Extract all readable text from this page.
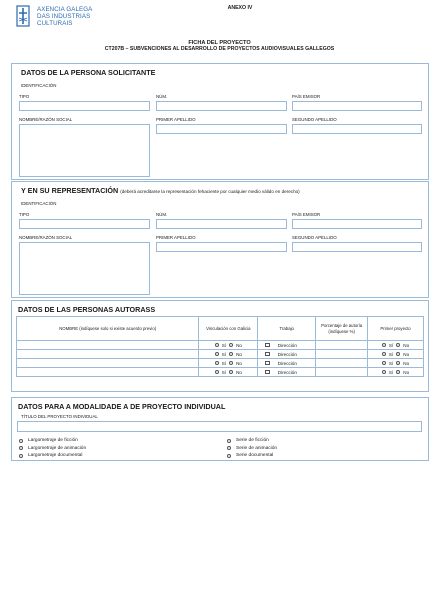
AXENCIA GALEGA
DAS INDUSTRIAS
CULTURAIS
ANEXO IV
FICHA DEL PROYECTO
CT207B – SUBVENCIONES AL DESARROLLO DE PROYECTOS AUDIOVISUALES GALLEGOS
DATOS DE LA PERSONA SOLICITANTE
IDENTIFICACIÓN
TIPO	NÚM.	PAÍS EMISOR
NOMBRE/RAZÓN SOCIAL	PRIMER APELLIDO	SEGUNDO APELLIDO
Y EN SU REPRESENTACIÓN (deberá acreditarse la representación fehaciente por cualquier medio válido en derecho)
IDENTIFICACIÓN
TIPO	NÚM.	PAÍS EMISOR
NOMBRE/RAZÓN SOCIAL	PRIMER APELLIDO	SEGUNDO APELLIDO
DATOS DE LAS PERSONAS AUTORASS
NOMBRE (indíquese solo si existe acuerdo previo)	Vinculación con Galicia	Trabajo	Porcentaje de autoría (indíquese %)	Primer proyecto

	Sí No	Dirección		Sí No

	Sí No	Dirección		Sí No

	Sí No	Dirección		Sí No

	Sí No	Dirección		Sí No
DATOS PARA A MODALIDADE A DE PROYECTO INDIVIDUAL
TÍTULO DEL PROYECTO INDIVIDUAL
Largometraje de ficción
Largometraje de animación
Largometraje documental
Serie de ficción
Serie de animación
Serie documental
